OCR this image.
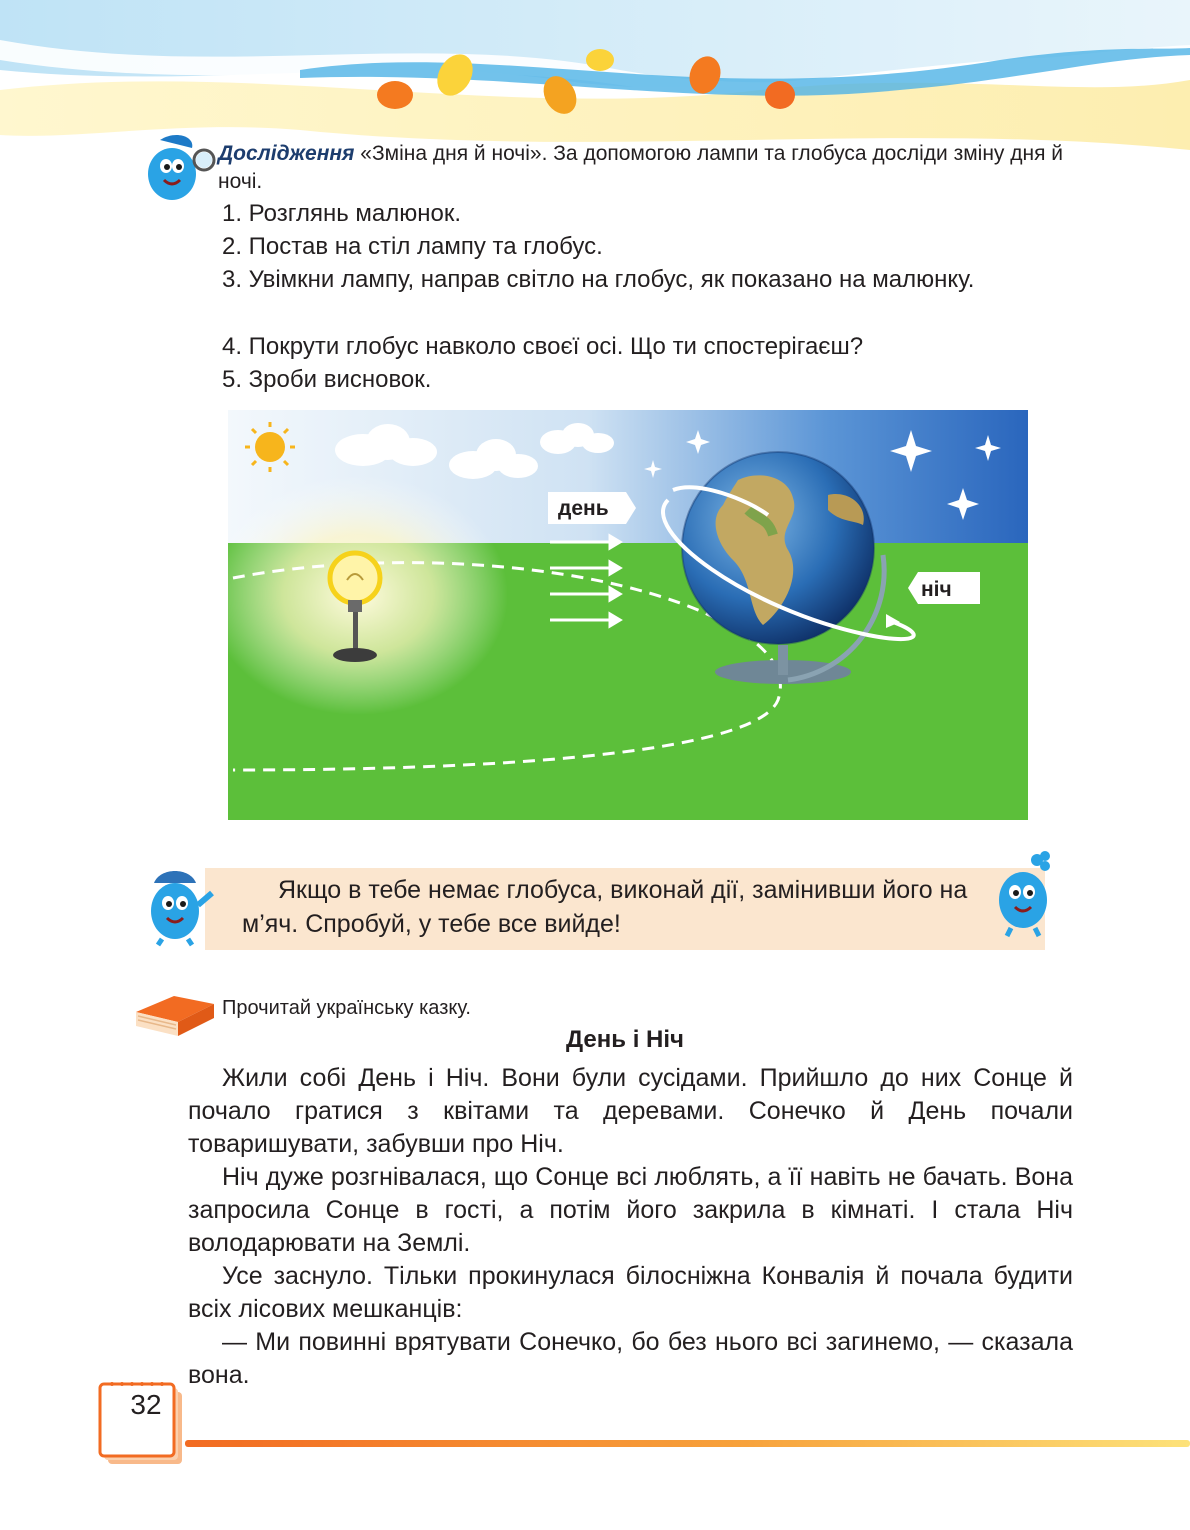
Дослідження «Зміна дня й ночі». За допомогою лампи та глобуса досліди зміну дня й ночі.
1. Розглянь малюнок.
2. Постав на стіл лампу та глобус.
3. Увімкни лампу, направ світло на глобус, як показано на малюнку.
4. Покрути глобус навколо своєї осі. Що ти спостерігаєш?
5. Зроби висновок.
день
ніч
Якщо в тебе немає глобуса, виконай дії, замінивши його на м’яч. Спробуй, у тебе все вийде!
Прочитай українську казку.
День і Ніч
Жили собі День і Ніч. Вони були сусідами. Прийшло до них Сонце й почало гратися з квітами та деревами. Сонечко й День почали товаришувати, забувши про Ніч.
Ніч дуже розгнівалася, що Сонце всі люблять, а її навіть не бачать. Вона запросила Сонце в гості, а потім його закрила в кімнаті. І стала Ніч володарювати на Землі.
Усе заснуло. Тільки прокинулася білосніжна Конвалія й почала будити всіх лісових мешканців:
— Ми повинні врятувати Сонечко, бо без нього всі загинемо, — сказала вона.
32
